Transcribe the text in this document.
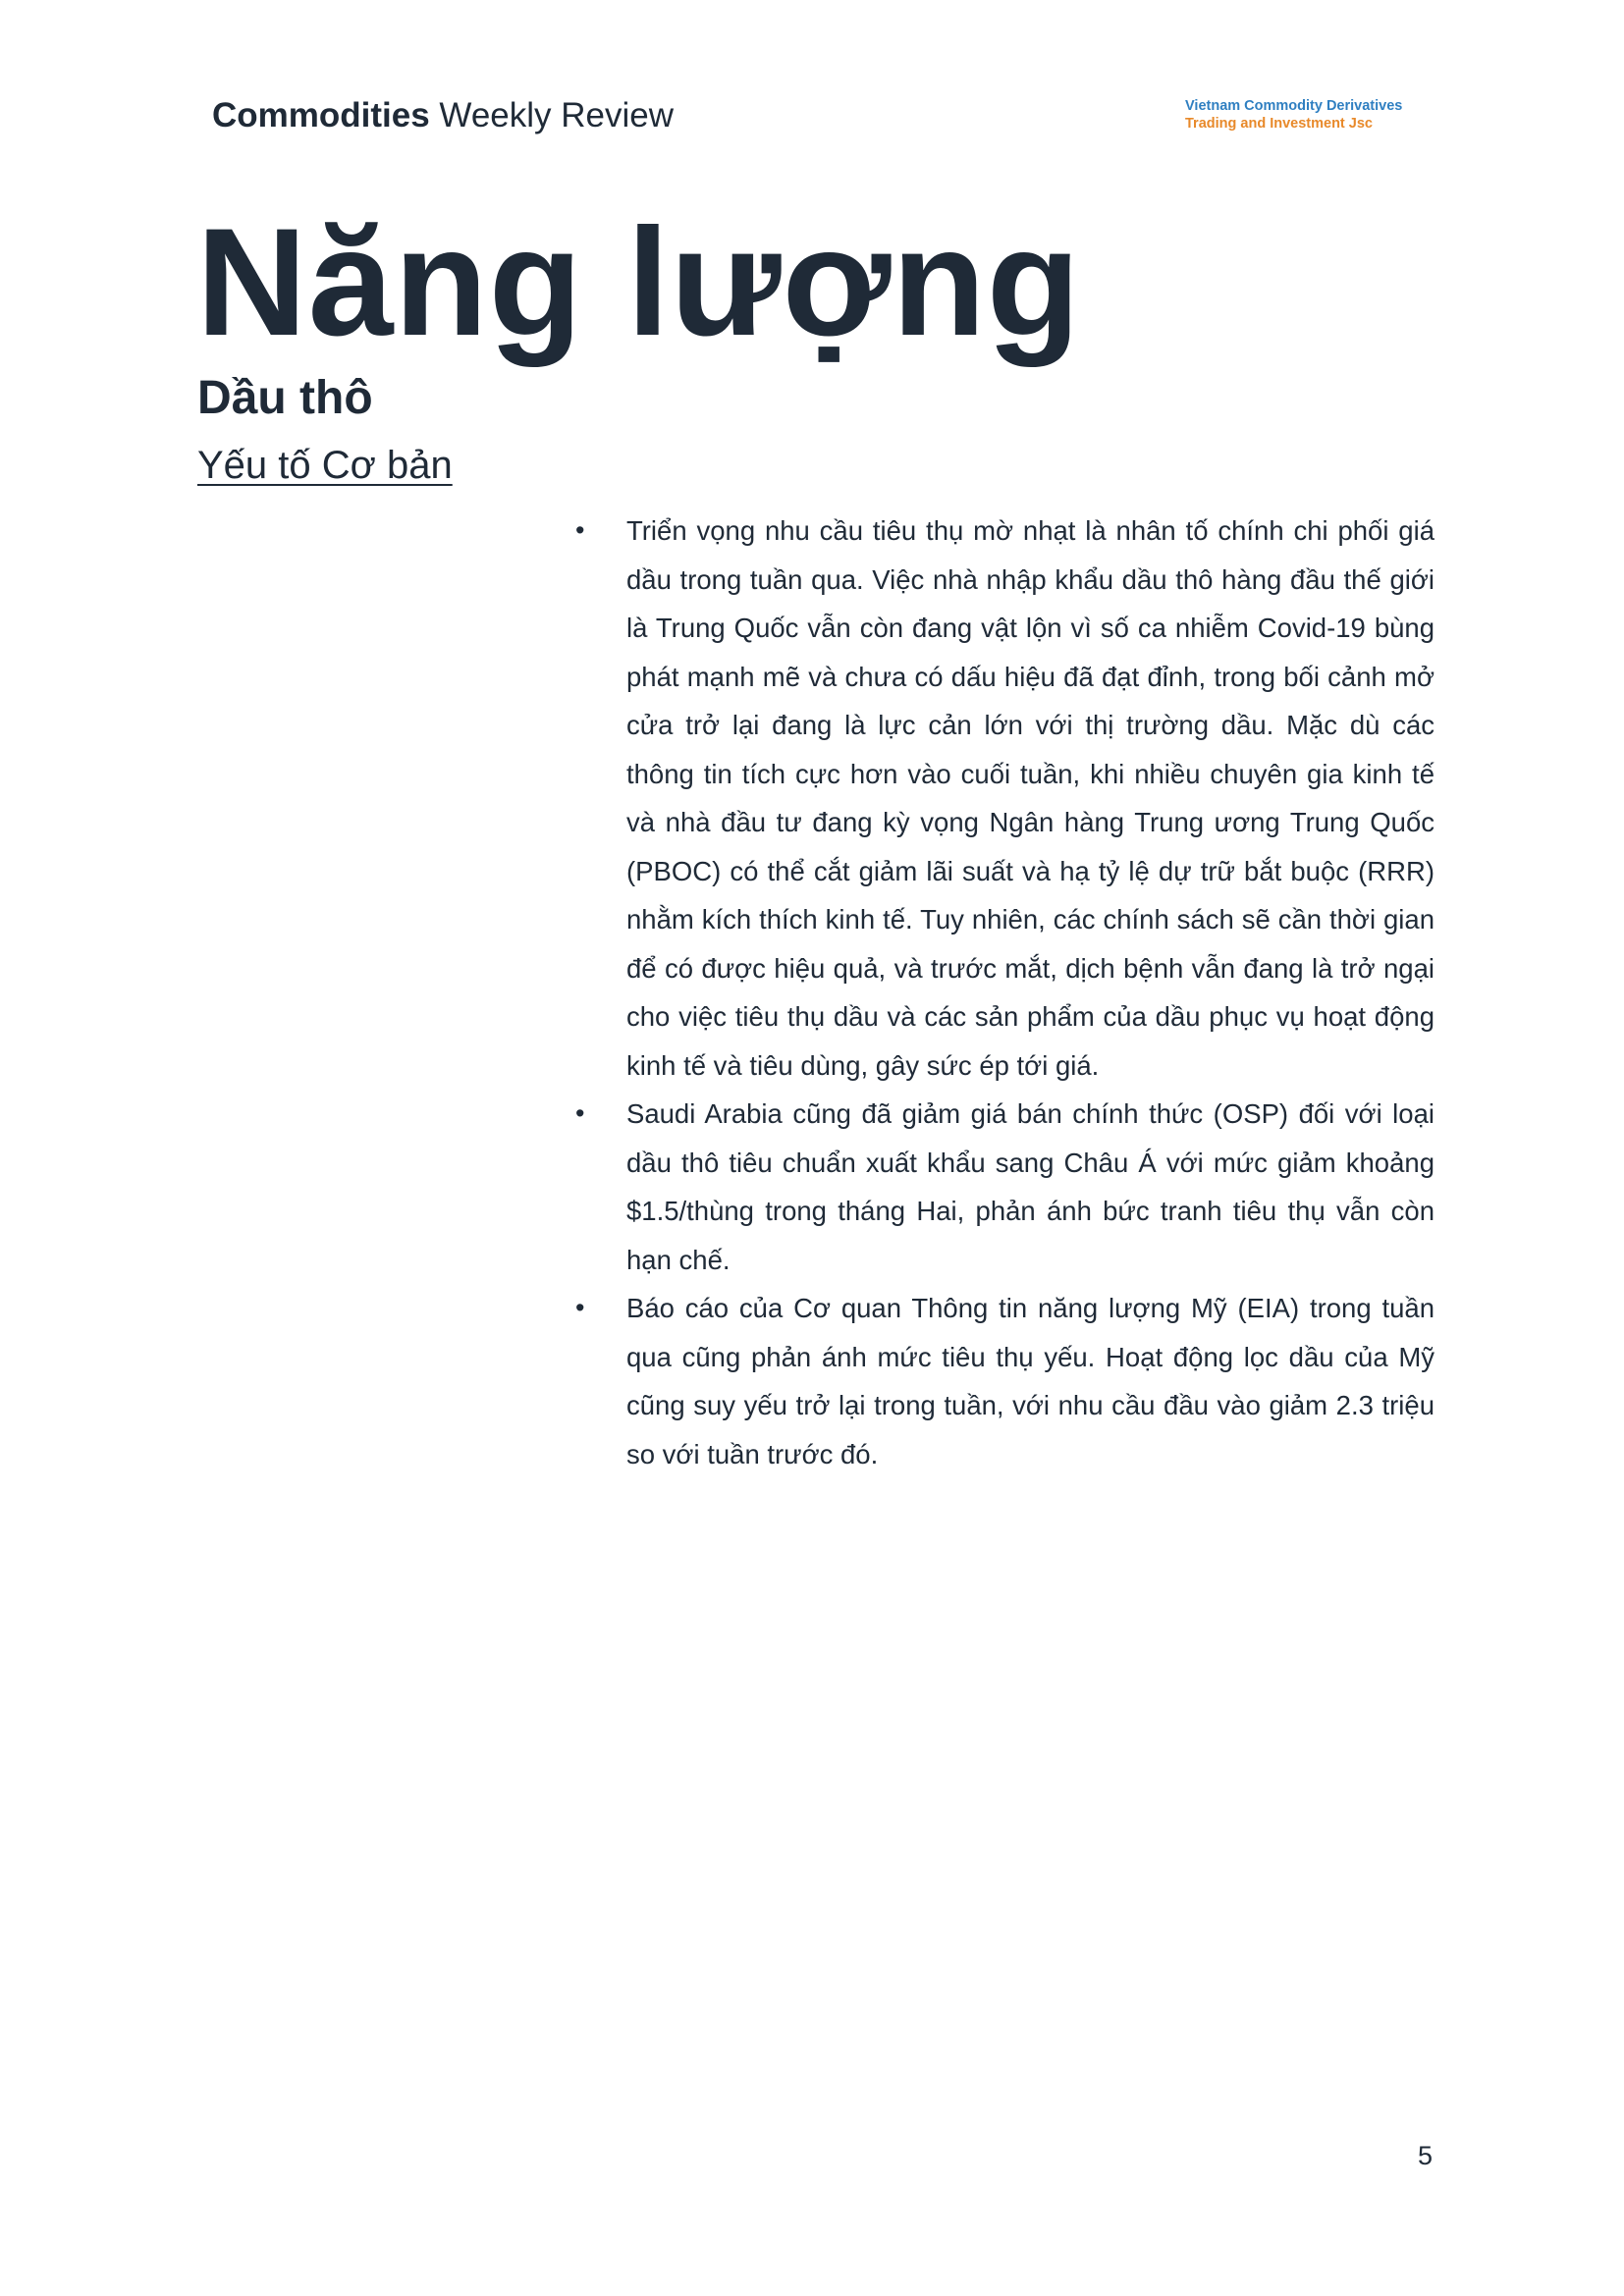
Commodities Weekly Review	Vietnam Commodity Derivatives
Trading and Investment Jsc
Năng lượng
Dầu thô
Yếu tố Cơ bản
• Triển vọng nhu cầu tiêu thụ mờ nhạt là nhân tố chính chi phối giá dầu trong tuần qua. Việc nhà nhập khẩu dầu thô hàng đầu thế giới là Trung Quốc vẫn còn đang vật lộn vì số ca nhiễm Covid-19 bùng phát mạnh mẽ và chưa có dấu hiệu đã đạt đỉnh, trong bối cảnh mở cửa trở lại đang là lực cản lớn với thị trường dầu. Mặc dù các thông tin tích cực hơn vào cuối tuần, khi nhiều chuyên gia kinh tế và nhà đầu tư đang kỳ vọng Ngân hàng Trung ương Trung Quốc (PBOC) có thể cắt giảm lãi suất và hạ tỷ lệ dự trữ bắt buộc (RRR) nhằm kích thích kinh tế. Tuy nhiên, các chính sách sẽ cần thời gian để có được hiệu quả, và trước mắt, dịch bệnh vẫn đang là trở ngại cho việc tiêu thụ dầu và các sản phẩm của dầu phục vụ hoạt động kinh tế và tiêu dùng, gây sức ép tới giá.
• Saudi Arabia cũng đã giảm giá bán chính thức (OSP) đối với loại dầu thô tiêu chuẩn xuất khẩu sang Châu Á với mức giảm khoảng $1.5/thùng trong tháng Hai, phản ánh bức tranh tiêu thụ vẫn còn hạn chế.
• Báo cáo của Cơ quan Thông tin năng lượng Mỹ (EIA) trong tuần qua cũng phản ánh mức tiêu thụ yếu. Hoạt động lọc dầu của Mỹ cũng suy yếu trở lại trong tuần, với nhu cầu đầu vào giảm 2.3 triệu so với tuần trước đó.
5
